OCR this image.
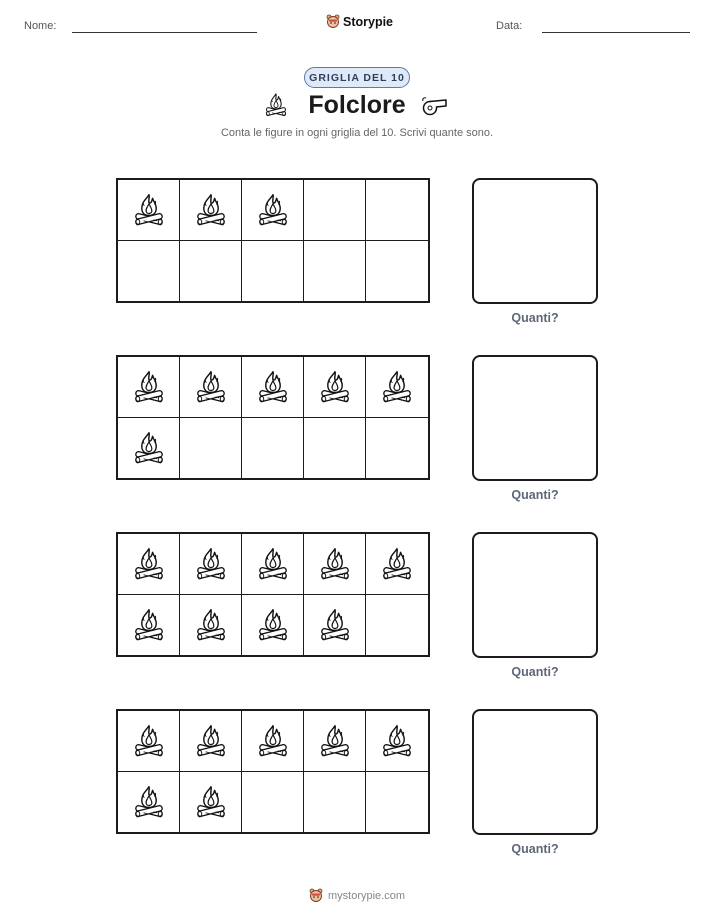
Nome:	Storypie	Data:
GRIGLIA DEL 10
Folclore
Conta le figure in ogni griglia del 10. Scrivi quante sono.
Quanti?
Quanti?
Quanti?
Quanti?
mystorypie.com
